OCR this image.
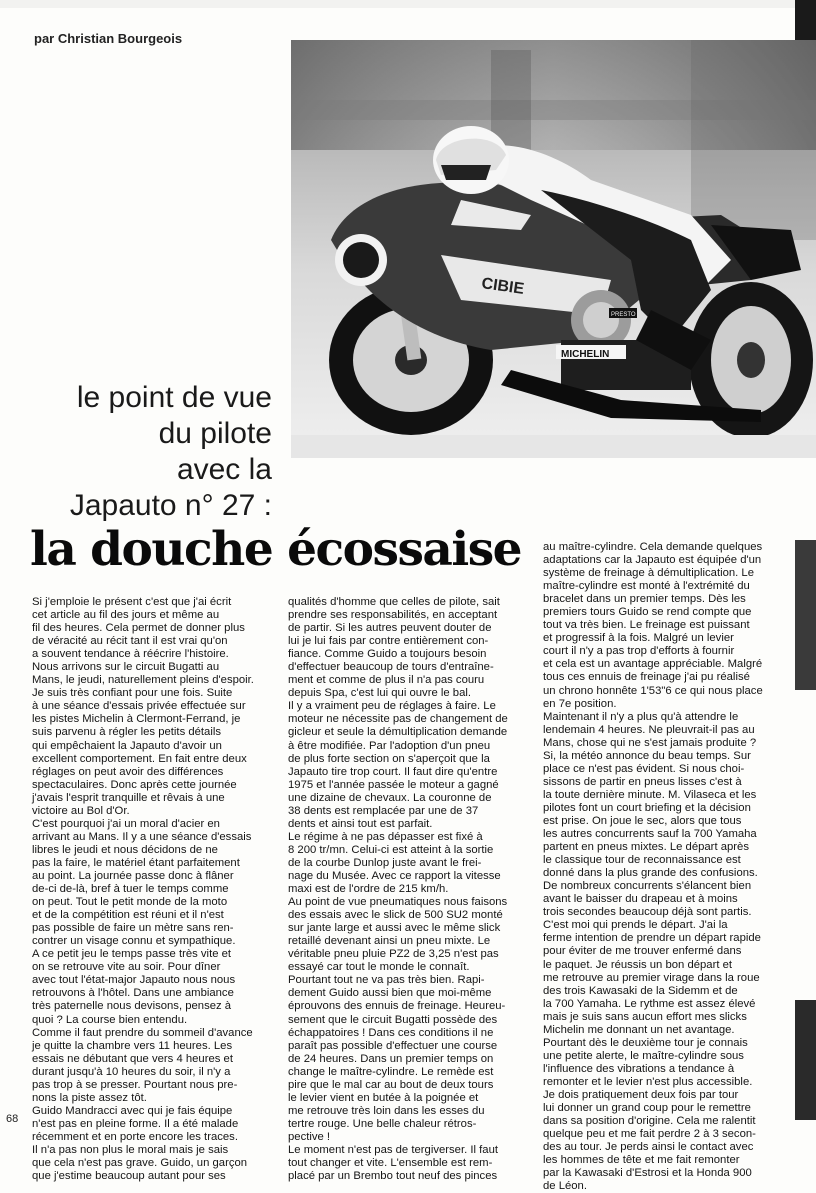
par Christian Bourgeois
CIBIE
MICHELIN
PRESTO
le point de vue
du pilote
avec la
Japauto n° 27 :
la douche écossaise

Si j'emploie le présent c'est que j'ai écrit

cet article au fil des jours et même au

fil des heures. Cela permet de donner plus

de véracité au récit tant il est vrai qu'on

a souvent tendance à réécrire l'histoire.

Nous arrivons sur le circuit Bugatti au

Mans, le jeudi, naturellement pleins d'espoir.

Je suis très confiant pour une fois. Suite

à une séance d'essais privée effectuée sur

les pistes Michelin à Clermont-Ferrand, je

suis parvenu à régler les petits détails

qui empêchaient la Japauto d'avoir un

excellent comportement. En fait entre deux

réglages on peut avoir des différences

spectaculaires. Donc après cette journée

j'avais l'esprit tranquille et rêvais à une

victoire au Bol d'Or.

C'est pourquoi j'ai un moral d'acier en

arrivant au Mans. Il y a une séance d'essais

libres le jeudi et nous décidons de ne

pas la faire, le matériel étant parfaitement

au point. La journée passe donc à flâner

de-ci de-là, bref à tuer le temps comme

on peut. Tout le petit monde de la moto

et de la compétition est réuni et il n'est

pas possible de faire un mètre sans ren-

contrer un visage connu et sympathique.

A ce petit jeu le temps passe très vite et

on se retrouve vite au soir. Pour dîner

avec tout l'état-major Japauto nous nous

retrouvons à l'hôtel. Dans une ambiance

très paternelle nous devisons, pensez à

quoi ? La course bien entendu.

Comme il faut prendre du sommeil d'avance

je quitte la chambre vers 11 heures. Les

essais ne débutant que vers 4 heures et

durant jusqu'à 10 heures du soir, il n'y a

pas trop à se presser. Pourtant nous pre-

nons la piste assez tôt.

Guido Mandracci avec qui je fais équipe

n'est pas en pleine forme. Il a été malade

récemment et en porte encore les traces.

Il n'a pas non plus le moral mais je sais

que cela n'est pas grave. Guido, un garçon

que j'estime beaucoup autant pour ses

qualités d'homme que celles de pilote, sait

prendre ses responsabilités, en acceptant

de partir. Si les autres peuvent douter de

lui je lui fais par contre entièrement con-

fiance. Comme Guido a toujours besoin

d'effectuer beaucoup de tours d'entraîne-

ment et comme de plus il n'a pas couru

depuis Spa, c'est lui qui ouvre le bal.

Il y a vraiment peu de réglages à faire. Le

moteur ne nécessite pas de changement de

gicleur et seule la démultiplication demande

à être modifiée. Par l'adoption d'un pneu

de plus forte section on s'aperçoit que la

Japauto tire trop court. Il faut dire qu'entre

1975 et l'année passée le moteur a gagné

une dizaine de chevaux. La couronne de

38 dents est remplacée par une de 37

dents et ainsi tout est parfait.

Le régime à ne pas dépasser est fixé à

8 200 tr/mn. Celui-ci est atteint à la sortie

de la courbe Dunlop juste avant le frei-

nage du Musée. Avec ce rapport la vitesse

maxi est de l'ordre de 215 km/h.

Au point de vue pneumatiques nous faisons

des essais avec le slick de 500 SU2 monté

sur jante large et aussi avec le même slick

retaillé devenant ainsi un pneu mixte. Le

véritable pneu pluie PZ2 de 3,25 n'est pas

essayé car tout le monde le connaît.

Pourtant tout ne va pas très bien. Rapi-

dement Guido aussi bien que moi-même

éprouvons des ennuis de freinage. Heureu-

sement que le circuit Bugatti possède des

échappatoires ! Dans ces conditions il ne

paraît pas possible d'effectuer une course

de 24 heures. Dans un premier temps on

change le maître-cylindre. Le remède est

pire que le mal car au bout de deux tours

le levier vient en butée à la poignée et

me retrouve très loin dans les esses du

tertre rouge. Une belle chaleur rétros-

pective !

Le moment n'est pas de tergiverser. Il faut

tout changer et vite. L'ensemble est rem-

placé par un Brembo tout neuf des pinces

au maître-cylindre. Cela demande quelques

adaptations car la Japauto est équipée d'un

système de freinage à démultiplication. Le

maître-cylindre est monté à l'extrémité du

bracelet dans un premier temps. Dès les

premiers tours Guido se rend compte que

tout va très bien. Le freinage est puissant

et progressif à la fois. Malgré un levier

court il n'y a pas trop d'efforts à fournir

et cela est un avantage appréciable. Malgré

tous ces ennuis de freinage j'ai pu réalisé

un chrono honnête 1'53"6 ce qui nous place

en 7e position.

Maintenant il n'y a plus qu'à attendre le

lendemain 4 heures. Ne pleuvrait-il pas au

Mans, chose qui ne s'est jamais produite ?

Si, la météo annonce du beau temps. Sur

place ce n'est pas évident. Si nous choi-

sissons de partir en pneus lisses c'est à

la toute dernière minute. M. Vilaseca et les

pilotes font un court briefing et la décision

est prise. On joue le sec, alors que tous

les autres concurrents sauf la 700 Yamaha

partent en pneus mixtes. Le départ après

le classique tour de reconnaissance est

donné dans la plus grande des confusions.

De nombreux concurrents s'élancent bien

avant le baisser du drapeau et à moins

trois secondes beaucoup déjà sont partis.

C'est moi qui prends le départ. J'ai la

ferme intention de prendre un départ rapide

pour éviter de me trouver enfermé dans

le paquet. Je réussis un bon départ et

me retrouve au premier virage dans la roue

des trois Kawasaki de la Sidemm et de

la 700 Yamaha. Le rythme est assez élevé

mais je suis sans aucun effort mes slicks

Michelin me donnant un net avantage.

Pourtant dès le deuxième tour je connais

une petite alerte, le maître-cylindre sous

l'influence des vibrations a tendance à

remonter et le levier n'est plus accessible.

Je dois pratiquement deux fois par tour

lui donner un grand coup pour le remettre

dans sa position d'origine. Cela me ralentit

quelque peu et me fait perdre 2 à 3 secon-

des au tour. Je perds ainsi le contact avec

les hommes de tête et me fait remonter

par la Kawasaki d'Estrosi et la Honda 900

de Léon.

68
